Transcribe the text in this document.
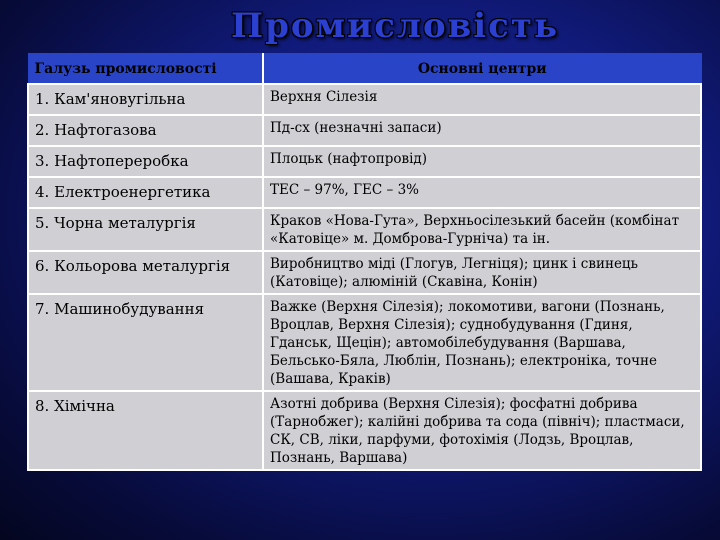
Промисловість
Галузь промисловості	Основні центри
1. Кам'яновугільна	Верхня Сілезія
2. Нафтогазова	Пд-сх (незначні запаси)
3. Нафтопереробка	Плоцьк (нафтопровід)
4. Електроенергетика	ТЕС – 97%, ГЕС – 3%
5. Чорна металургія	Краков «Нова-Гута», Верхньосілезький басейн (комбінат «Катовіце» м. Домброва-Гурніча) та ін.
6. Кольорова металургія	Виробництво міді (Глогув, Легніця); цинк і свинець (Катовіце); алюміній (Скавіна, Конін)
7. Машинобудування	Важке (Верхня Сілезія); локомотиви, вагони (Познань, Вроцлав, Верхня Сілезія); суднобудування (Гдиня, Гданськ, Щецін); автомобілебудування (Варшава, Бельсько-Бяла, Люблін, Познань); електроніка, точне (Вашава, Краків)
8. Хімічна	Азотні добрива (Верхня Сілезія); фосфатні добрива (Тарнобжег); калійні добрива та сода (північ); пластмаси, СК, СВ, ліки, парфуми, фотохімія (Лодзь, Вроцлав, Познань, Варшава)
